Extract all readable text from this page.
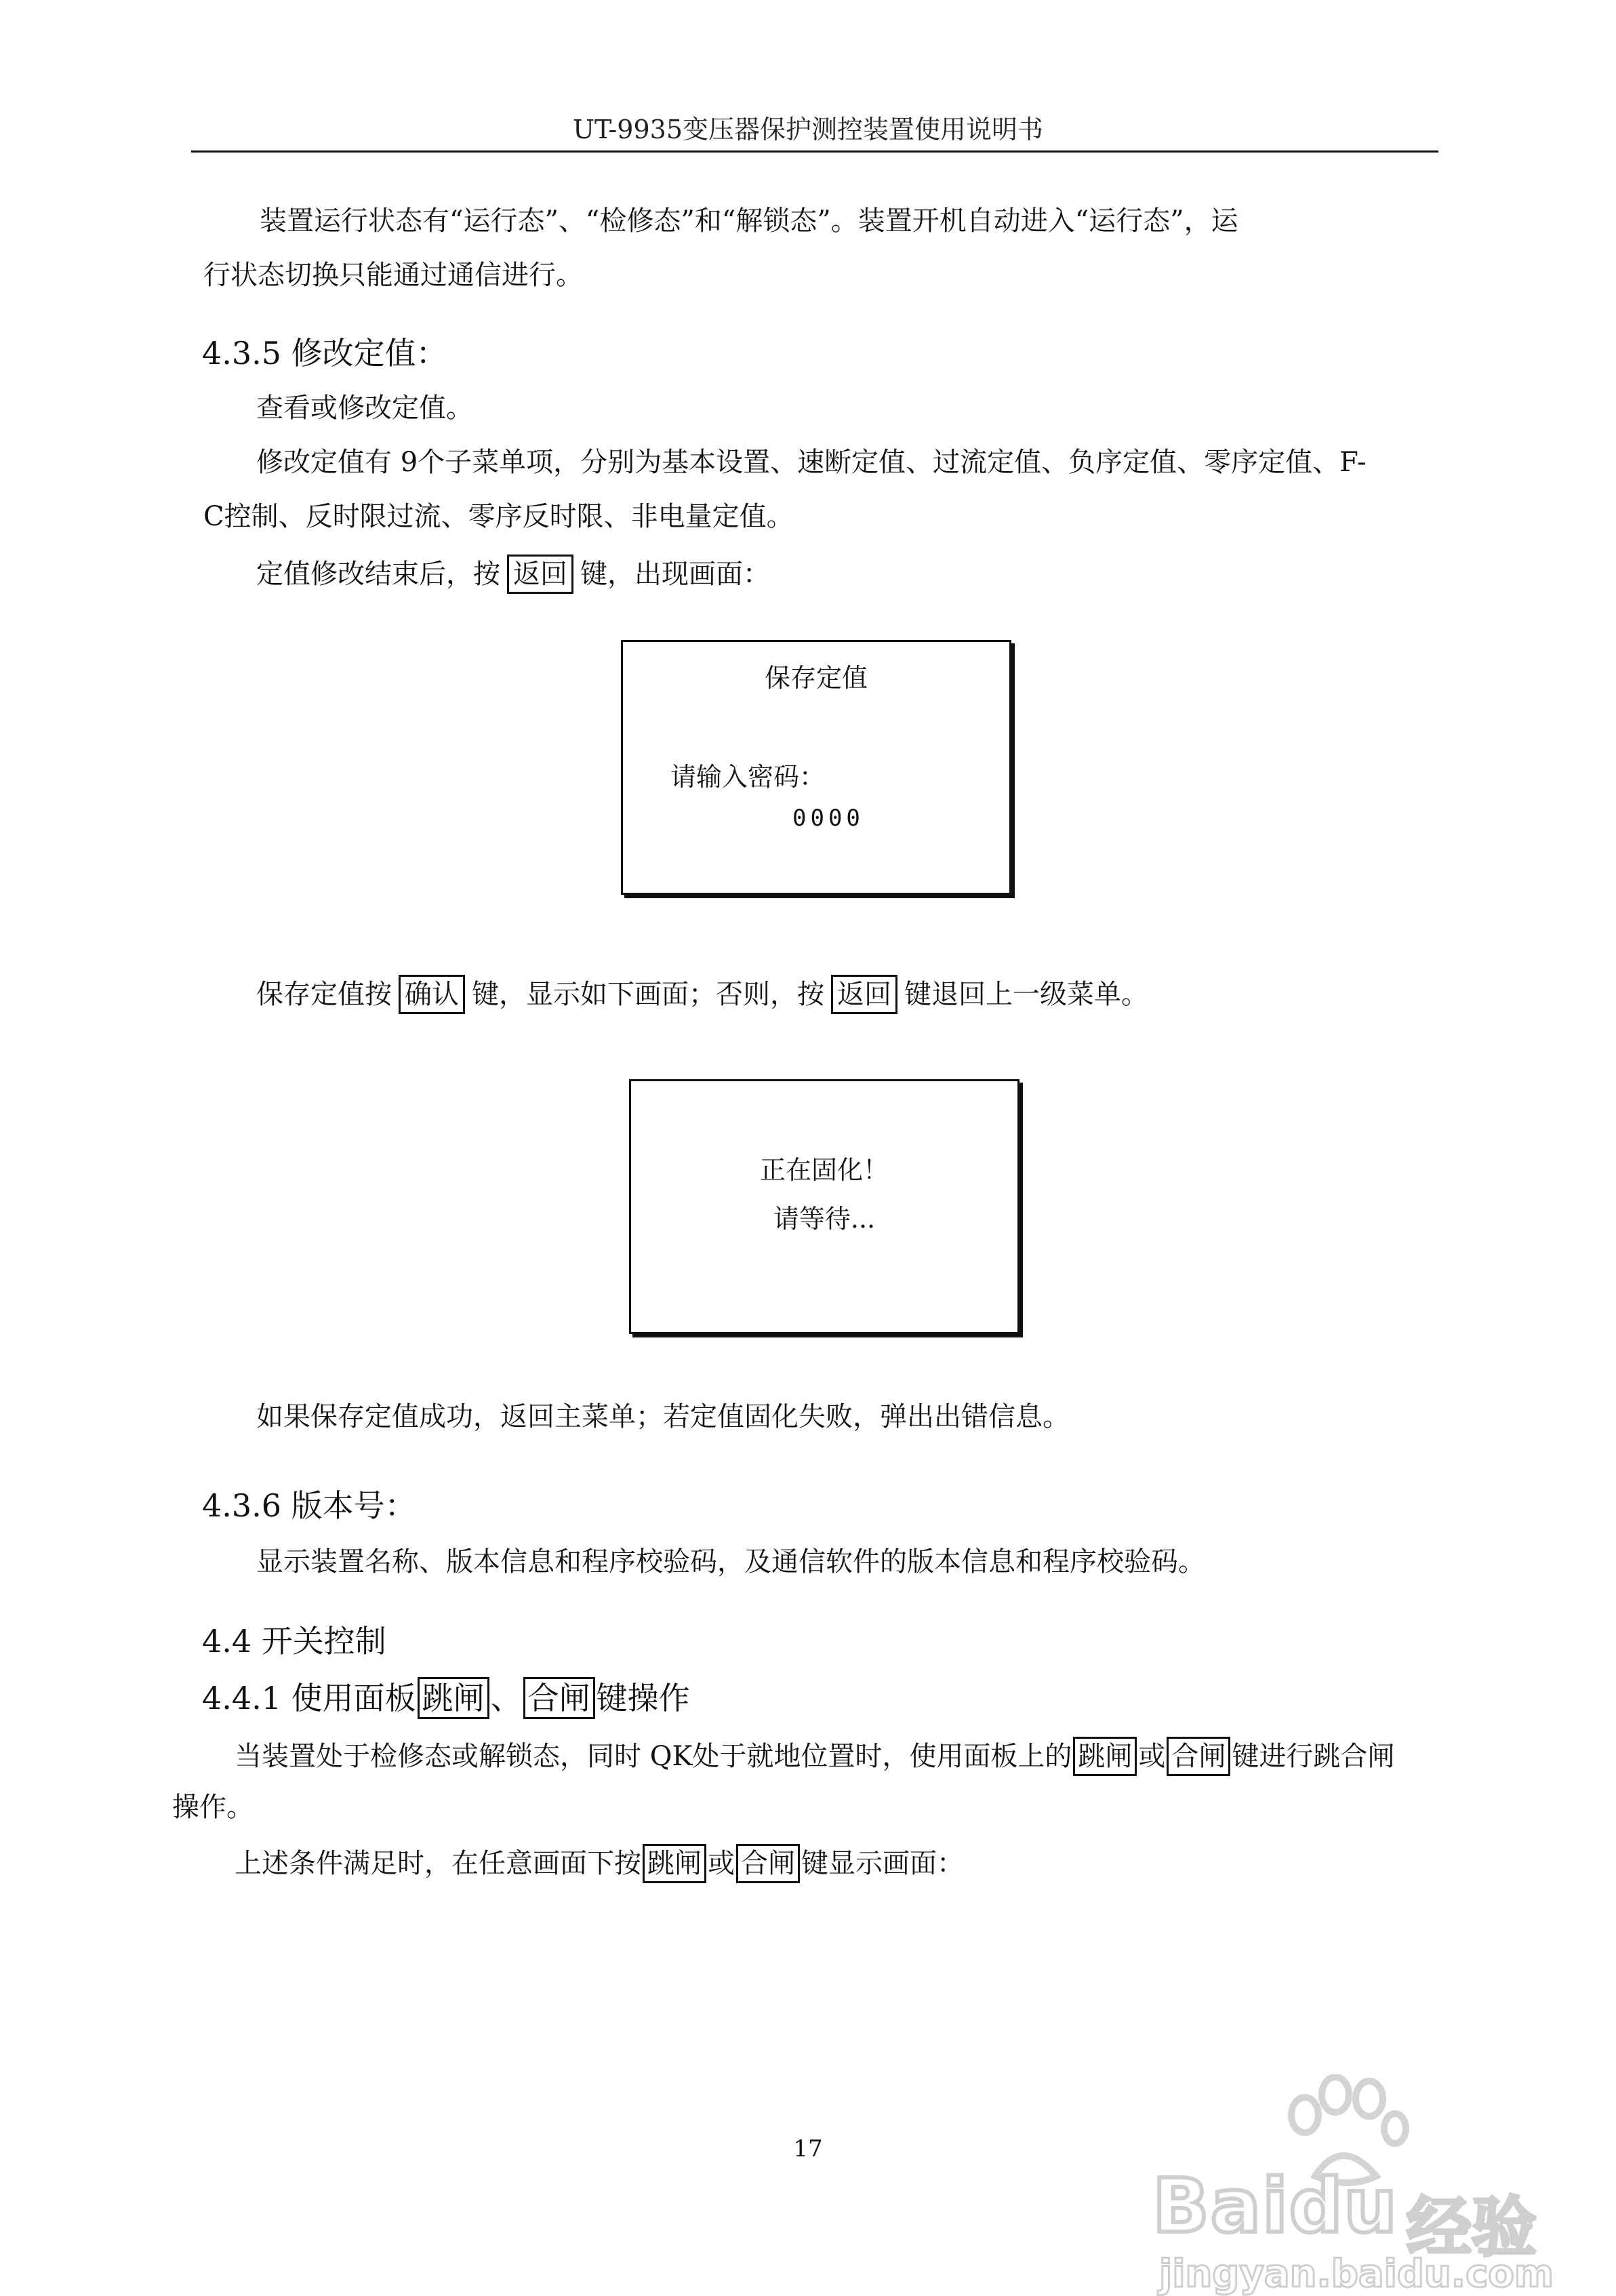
UT-9935变压器保护测控装置使用说明书
装置运行状态有“运行态”、“检修态”和“解锁态”。装置开机自动进入“运行态”，运
行状态切换只能通过通信进行。
4.3.5 修改定值：
查看或修改定值。
修改定值有 9个子菜单项，分别为基本设置、速断定值、过流定值、负序定值、零序定值、F-
C控制、反时限过流、零序反时限、非电量定值。
定值修改结束后，按 返回 键，出现画面：
保存定值
请输入密码：
0000
保存定值按 确认 键，显示如下画面；否则，按 返回 键退回上一级菜单。
正在固化！
请等待...
如果保存定值成功，返回主菜单；若定值固化失败，弹出出错信息。
4.3.6 版本号：
显示装置名称、版本信息和程序校验码，及通信软件的版本信息和程序校验码。
4.4 开关控制
4.4.1 使用面板 跳闸 、 合闸 键操作
当装置处于检修态或解锁态，同时 QK处于就地位置时，使用面板上的 跳闸 或 合闸 键进行跳合闸
操作。
上述条件满足时，在任意画面下按 跳闸 或 合闸 键显示画面：
17
Baidu 经验
jingyan.baidu.com
